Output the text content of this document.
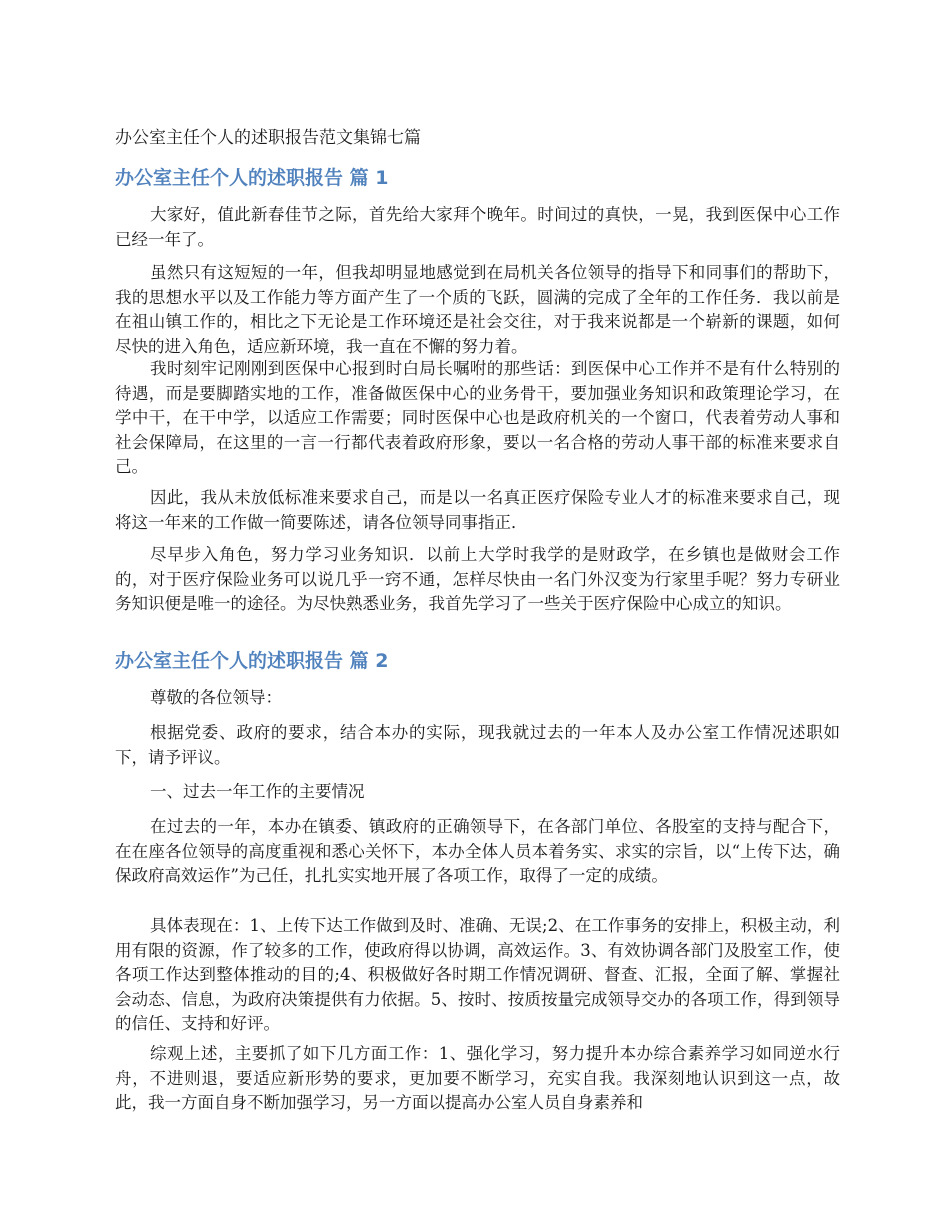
办公室主任个人的述职报告范文集锦七篇
办公室主任个人的述职报告 篇 1

大家好，值此新春佳节之际，首先给大家拜个晚年。时间过的真快，一晃，我到医保中心工作已经一年了。

虽然只有这短短的一年，但我却明显地感觉到在局机关各位领导的指导下和同事们的帮助下，我的思想水平以及工作能力等方面产生了一个质的飞跃，圆满的完成了全年的工作任务．我以前是在祖山镇工作的，相比之下无论是工作环境还是社会交往，对于我来说都是一个崭新的课题，如何尽快的进入角色，适应新环境，我一直在不懈的努力着。

我时刻牢记刚刚到医保中心报到时白局长嘱咐的那些话：到医保中心工作并不是有什么特别的待遇，而是要脚踏实地的工作，准备做医保中心的业务骨干，要加强业务知识和政策理论学习，在学中干，在干中学，以适应工作需要；同时医保中心也是政府机关的一个窗口，代表着劳动人事和社会保障局，在这里的一言一行都代表着政府形象，要以一名合格的劳动人事干部的标准来要求自己。

因此，我从未放低标准来要求自己，而是以一名真正医疗保险专业人才的标准来要求自己，现将这一年来的工作做一简要陈述，请各位领导同事指正．

尽早步入角色，努力学习业务知识．以前上大学时我学的是财政学，在乡镇也是做财会工作的，对于医疗保险业务可以说几乎一窍不通，怎样尽快由一名门外汉变为行家里手呢？努力专研业务知识便是唯一的途径。为尽快熟悉业务，我首先学习了一些关于医疗保险中心成立的知识。

办公室主任个人的述职报告 篇 2

尊敬的各位领导：

根据党委、政府的要求，结合本办的实际，现我就过去的一年本人及办公室工作情况述职如下，请予评议。

一、过去一年工作的主要情况

在过去的一年，本办在镇委、镇政府的正确领导下，在各部门单位、各股室的支持与配合下，在在座各位领导的高度重视和悉心关怀下，本办全体人员本着务实、求实的宗旨，以“上传下达，确保政府高效运作”为己任，扎扎实实地开展了各项工作，取得了一定的成绩。

具体表现在：1、上传下达工作做到及时、准确、无误;2、在工作事务的安排上，积极主动，利用有限的资源，作了较多的工作，使政府得以协调，高效运作。3、有效协调各部门及股室工作，使各项工作达到整体推动的目的;4、积极做好各时期工作情况调研、督查、汇报，全面了解、掌握社会动态、信息，为政府决策提供有力依据。5、按时、按质按量完成领导交办的各项工作，得到领导的信任、支持和好评。

综观上述，主要抓了如下几方面工作：1、强化学习，努力提升本办综合素养学习如同逆水行舟，不进则退，要适应新形势的要求，更加要不断学习，充实自我。我深刻地认识到这一点，故此，我一方面自身不断加强学习，另一方面以提高办公室人员自身素养和
